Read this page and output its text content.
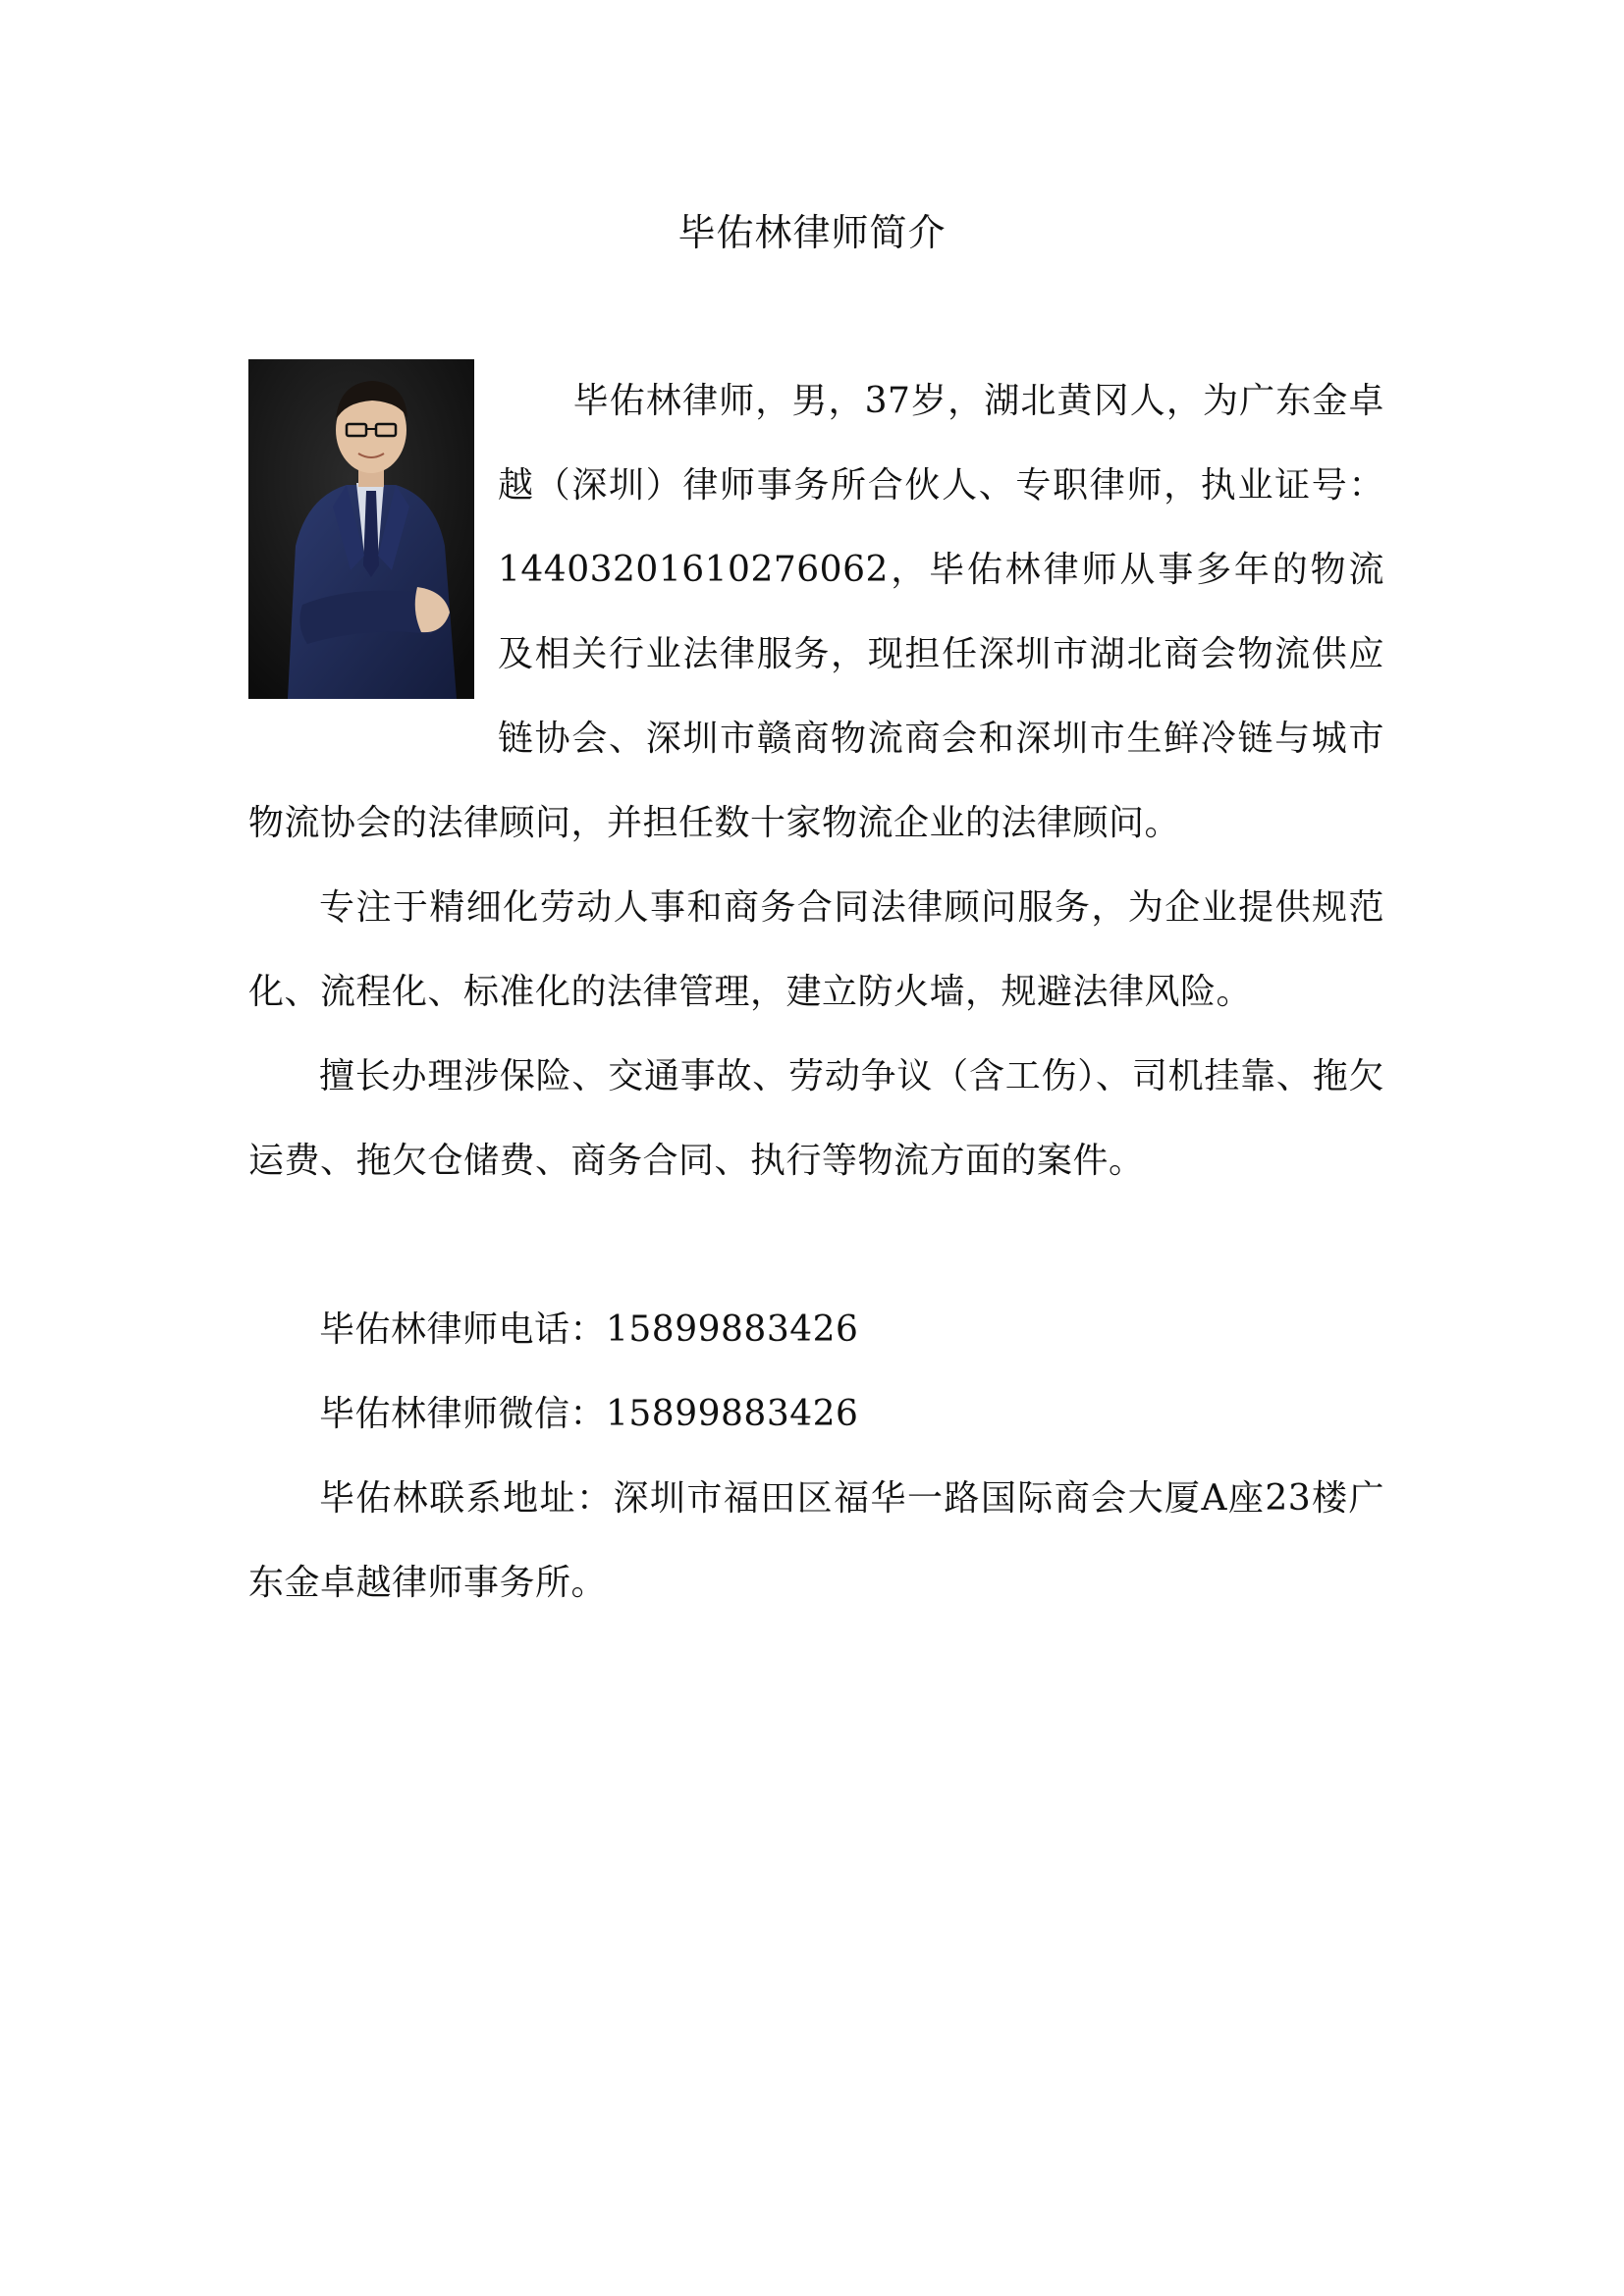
毕佑林律师简介

毕佑林律师，男，37岁，湖北黄冈人，为广东金卓越（深圳）律师事务所合伙人、专职律师，执业证号：14403201610276062，毕佑林律师从事多年的物流及相关行业法律服务，现担任深圳市湖北商会物流供应链协会、深圳市赣商物流商会和深圳市生鲜冷链与城市物流协会的法律顾问，并担任数十家物流企业的法律顾问。

专注于精细化劳动人事和商务合同法律顾问服务，为企业提供规范化、流程化、标准化的法律管理，建立防火墙，规避法律风险。

擅长办理涉保险、交通事故、劳动争议（含工伤）、司机挂靠、拖欠运费、拖欠仓储费、商务合同、执行等物流方面的案件。

毕佑林律师电话：15899883426

毕佑林律师微信：15899883426

毕佑林联系地址：深圳市福田区福华一路国际商会大厦A座23楼广东金卓越律师事务所。
